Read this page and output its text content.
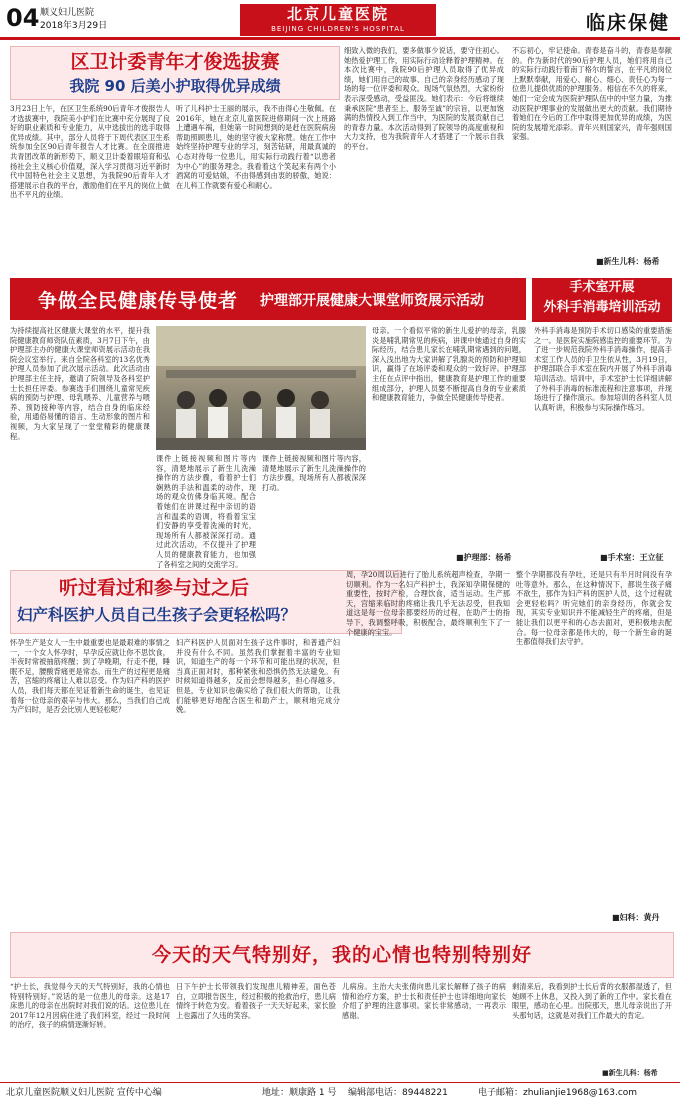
04 顺义妇儿医院
2018年3月29日
北京儿童医院
BEIJING CHILDREN'S HOSPITAL	临床保健
区卫计委青年才俊选拔赛
我院 90 后美小护取得优异成绩
3月23日上午，在区卫生系统90后青年才俊报告人才选拔赛中，我院美小护们在比赛中充分展现了良好的职业素质和专业能力，从中选拔出的选手取得优异成绩。其中，部分人员将于下周代表区卫生系统参加全区90后青年报告人才比赛。在全面推进共青团改革的新形势下，顺义卫计委着眼培育和弘扬社会主义核心价值观，深入学习贯彻习近平新时代中国特色社会主义思想，为我院90后青年人才搭建展示自我的平台，激励他们在平凡的岗位上做出不平凡的业绩。
听了儿科护士王丽的展示，我不由得心生敬佩。在2016年，她在北京儿童医院进修期间一次上班路上遭遇车祸，但她第一时间想到的是赶在医院病房帮助照顾患儿，她的坚守被大家称赞。她在工作中始终坚持护理专业的学习，刻苦钻研，用最真诚的心态对待每一位患儿，用实际行动践行着“以患者为中心”的服务理念。我看着这个笑起来有两个小酒窝的可爱姑娘，不由得感到由衷的骄傲，她说：在儿科工作就要有爱心和耐心。
细致入微的我们，要多做事少说话，要守住初心。她热爱护理工作，用实际行动诠释着护理精神。在本次比赛中，我院90后护理人员取得了优异成绩，她们用自己的故事、自己的亲身经历感动了现场的每一位评委和观众。现场气氛热烈，大家纷纷表示深受感动，受益匪浅。她们表示：今后将继续秉承医院“患者至上、服务至诚”的宗旨，以更加饱满的热情投入到工作当中，为医院的发展贡献自己的青春力量。本次活动得到了院领导的高度重视和大力支持，也为我院青年人才搭建了一个展示自我的平台。
不忘初心，牢记使命。青春是奋斗的，青春是奉献的。作为新时代的90后护理人员，她们将用自己的实际行动践行着南丁格尔的誓言，在平凡的岗位上默默奉献，用爱心、耐心、细心、责任心为每一位患儿提供优质的护理服务。相信在不久的将来，她们一定会成为医院护理队伍中的中坚力量，为推动医院护理事业的发展做出更大的贡献。我们期待着她们在今后的工作中取得更加优异的成绩，为医院的发展增光添彩。青年兴则国家兴，青年强则国家强。
■新生儿科：杨希
争做全民健康传导使者 护理部开展健康大课堂师资展示活动
为持续提高社区健康大课堂的水平，提升我院健康教育师资队伍素质，3月7日下午，由护理部主办的健康大课堂师资展示活动在我院会议室举行。来自全院各科室的13名优秀护理人员参加了此次展示活动。此次活动由护理部主任主持，邀请了院领导及各科室护士长担任评委。参赛选手们围绕儿童常见疾病的预防与护理、母乳喂养、儿童营养与喂养、预防接种等内容，结合自身的临床经验，用通俗易懂的语言、生动形象的图片和视频，为大家呈现了一堂堂精彩的健康课程。
课件上链接视频和图片等内容，清楚地展示了新生儿洗澡操作的方法步骤，看着护士们娴熟的手法和温柔的动作，现场的观众仿佛身临其境。配合着她们在讲课过程中亲切的语言和温柔的语调，将看着宝宝们安静的享受着洗澡的时光，现场所有人都被深深打动。通过此次活动，不仅提升了护理人员的健康教育能力，也加强了各科室之间的交流学习。
课件上链接视频和图片等内容，清楚地展示了新生儿洗澡操作的方法步骤，现场所有人都被深深打动。
母亲。一个看似平常的新生儿爱护的母亲，乳腺炎是哺乳期常见的疾病，讲课中她通过自身的实际经历，结合患儿家长在哺乳期常遇到的问题，深入浅出地为大家讲解了乳腺炎的预防和护理知识，赢得了在场评委和观众的一致好评。护理部主任在点评中指出，健康教育是护理工作的重要组成部分，护理人员要不断提高自身的专业素质和健康教育能力，争做全民健康传导使者。
■护理部：杨希
手术室开展
外科手消毒培训活动
外科手消毒是预防手术切口感染的重要措施之一。是医院实施院感监控的重要环节。为了进一步规范我院外科手消毒操作，提高手术室工作人员的手卫生依从性，3月19日，护理部联合手术室在院内开展了外科手消毒培训活动。培训中，手术室护士长详细讲解了外科手消毒的标准流程和注意事项，并现场进行了操作演示。参加培训的各科室人员认真听讲，积极参与实际操作练习。
■手术室：王立征
听过看过和参与过之后
妇产科医护人员自己生孩子会更轻松吗？
怀孕生产是女人一生中最重要也是最艰难的事情之一，一个女人怀孕时，早孕反应就让你不思饮食，半夜时常被抽筋疼醒；到了孕晚期，行走不便，睡眠不足，腰酸背痛更是常态。而生产的过程更是痛苦，宫缩的疼痛让人难以忍受。作为妇产科的医护人员，我们每天都在见证着新生命的诞生，也见证着每一位母亲的艰辛与伟大。那么，当我们自己成为产妇时，是否会比别人更轻松呢？
妇产科医护人员面对生孩子这件事时，和普通产妇并没有什么不同。虽然我们掌握着丰富的专业知识，知道生产的每一个环节和可能出现的状况，但当真正面对时，那种紧张和恐惧仍然无法避免。有时候知道得越多，反而会想得越多，担心得越多。但是，专业知识也确实给了我们很大的帮助，让我们能够更好地配合医生和助产士，顺利地完成分娩。
周，孕20周以后进行了胎儿系统超声检查，孕期一切顺利。作为一名妇产科护士，我深知孕期保健的重要性，按时产检，合理饮食，适当运动。生产那天，宫缩来临时的疼痛让我几乎无法忍受，但我知道这是每一位母亲都要经历的过程，在助产士的指导下，我调整呼吸，积极配合，最终顺利生下了一个健康的宝宝。
整个孕期都没有孕吐，还是只有半月时间没有孕吐等意外。那么，在这种情况下，都说生孩子痛不欲生，那作为妇产科的医护人员，这个过程就会更轻松吗？听完她们的亲身经历，你就会发现，其实专业知识并不能减轻生产的疼痛，但是能让我们以更平和的心态去面对，更积极地去配合。每一位母亲都是伟大的，每一个新生命的诞生都值得我们去守护。
■妇科：黄丹
今天的天气特别好，我的心情也特别特别好
“护士长，我觉得今天的天气特别好，我的心情也特别特别好。”说话的是一位患儿的母亲。这是17床患儿的母亲在出院时对我们说的话。这位患儿在2017年12月因病住进了我们科室，经过一段时间的治疗，孩子的病情逐渐好转。
日下午护士长带领我们发现患儿精神差，面色苍白，立即报告医生，经过积极的抢救治疗，患儿病情终于转危为安。看着孩子一天天好起来，家长脸上也露出了久违的笑容。
儿病房。主治大夫张倩向患儿家长解释了孩子的病情和治疗方案，护士长和责任护士也详细地向家长介绍了护理的注意事项。家长非常感动，一再表示感谢。
剩清来后，我看到护士长后背的衣服都湿透了，但她顾不上休息，又投入到了新的工作中。家长看在眼里，感动在心里。出院那天，患儿母亲说出了开头那句话，这就是对我们工作最大的肯定。
■新生儿科：杨希
北京儿童医院顺义妇儿医院 宣传中心编	地址：顺康路 1 号 编辑部电话：89448221	电子邮箱：zhulianjie1968@163.com
